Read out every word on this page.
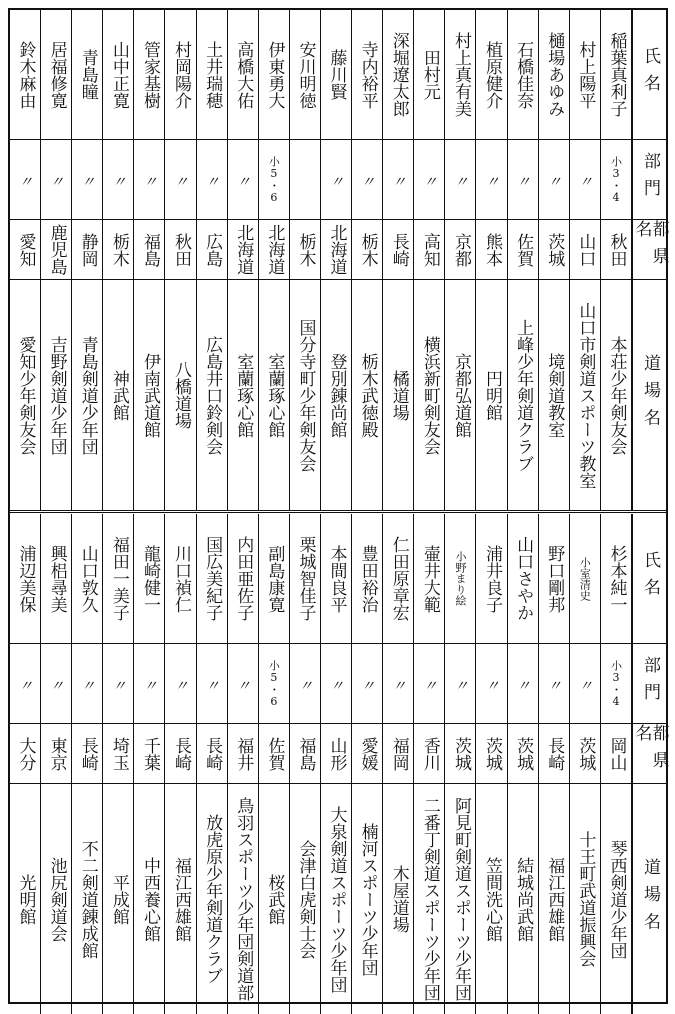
稲葉真利子
村上陽平
樋場あゆみ
石橋佳奈
植原健介
村上真有美
田村元
深堀遼太郎
寺内裕平
藤川賢
安川明徳
伊東勇大
高橋大佑
土井瑞穂
村岡陽介
管家基樹
山中正寛
青島瞳
居福修寛
鈴木麻由	氏名
小3・4
〃
〃
〃
〃
〃
〃
〃
〃
〃
小5・6
〃
〃
〃
〃
〃
〃
〃
〃	部門
秋田
山口
茨城
佐賀
熊本
京都
高知
長崎
栃木
北海道
栃木
北海道
北海道
広島
秋田
福島
栃木
静岡
鹿児島
愛知	都県名
本荘少年剣友会
山口市剣道スポーツ教室
境剣道教室
上峰少年剣道クラブ
円明館
京都弘道館
横浜新町剣友会
橘道場
栃木武徳殿
登別錬尚館
国分寺町少年剣友会
室蘭琢心館
室蘭琢心館
広島井口鈴剣会
八橋道場
伊南武道館
神武館
青島剣道少年団
吉野剣道少年団
愛知少年剣友会	道場名
杉本純一
小室清史
野口剛邦
山口さやか
浦井良子
小野まり絵
壷井大範
仁田原章宏
豊田裕治
本間良平
栗城智佳子
副島康寛
内田亜佐子
国広美紀子
川口禎仁
龍崎健一
福田一美子
山口敦久
興梠尋美
浦辺美保	氏名
小3・4
〃
〃
〃
〃
〃
〃
〃
〃
〃
〃
小5・6
〃
〃
〃
〃
〃
〃
〃
〃	部門
岡山
茨城
長崎
茨城
茨城
茨城
香川
福岡
愛媛
山形
福島
佐賀
福井
長崎
長崎
千葉
埼玉
長崎
東京
大分	都県名
琴西剣道少年団
十王町武道振興会
福江西雄館
結城尚武館
笠間洗心館
阿見町剣道スポーツ少年団
二番丁剣道スポーツ少年団
木屋道場
楠河スポーツ少年団
大泉剣道スポーツ少年団
会津白虎剣士会
桜武館
鳥羽スポーツ少年団剣道部
放虎原少年剣道クラブ
福江西雄館
中西養心館
平成館
不二剣道錬成館
池尻剣道会
光明館	道場名
